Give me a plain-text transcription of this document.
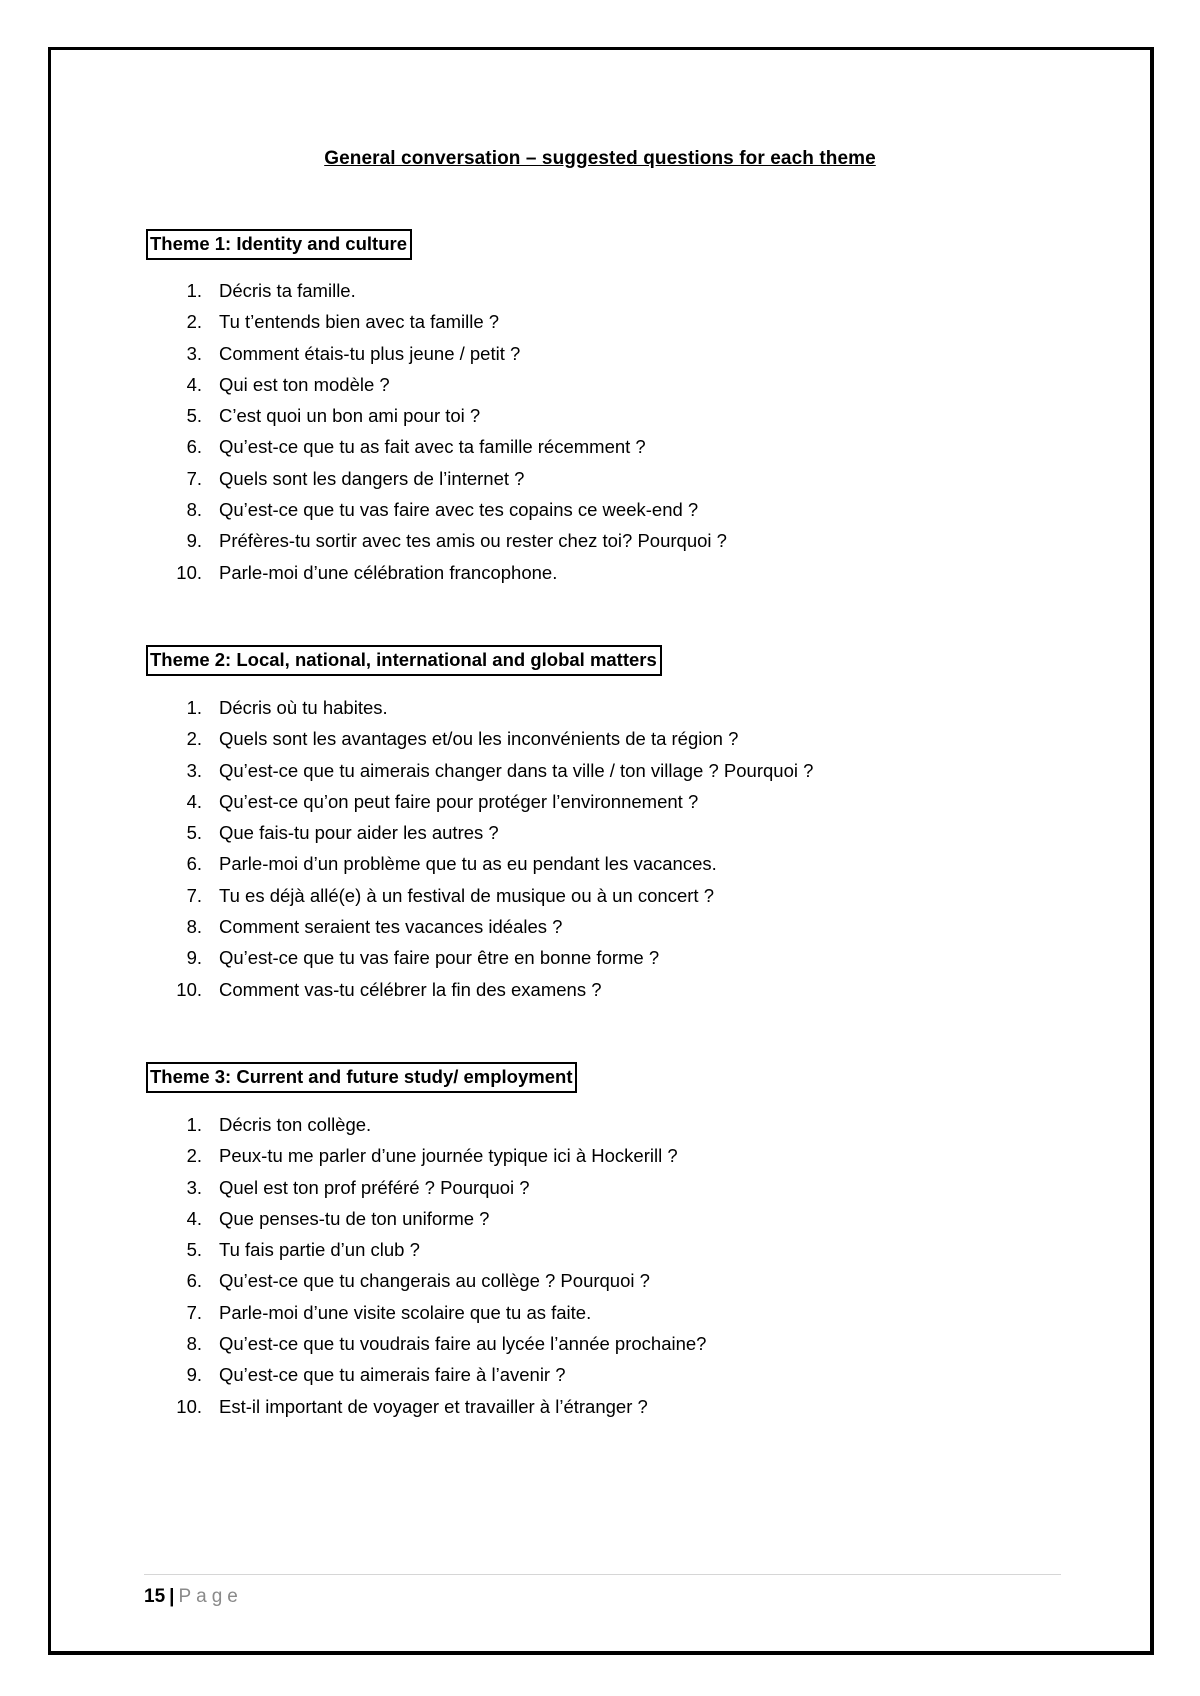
General conversation – suggested questions for each theme
Theme 1: Identity and culture
1. Décris ta famille.
2. Tu t’entends bien avec ta famille ?
3. Comment étais-tu plus jeune / petit ?
4. Qui est ton modèle ?
5. C’est quoi un bon ami pour toi ?
6. Qu’est-ce que tu as fait avec ta famille récemment ?
7. Quels sont les dangers de l’internet ?
8. Qu’est-ce que tu vas faire avec tes copains ce week-end ?
9. Préfères-tu sortir avec tes amis ou rester chez toi? Pourquoi ?
10. Parle-moi d’une célébration francophone.
Theme 2: Local, national, international and global matters
1. Décris où tu habites.
2. Quels sont les avantages et/ou les inconvénients de ta région ?
3. Qu’est-ce que tu aimerais changer dans ta ville / ton village ? Pourquoi ?
4. Qu’est-ce qu’on peut faire pour protéger l’environnement ?
5. Que fais-tu pour aider les autres ?
6. Parle-moi d’un problème que tu as eu pendant les vacances.
7. Tu es déjà allé(e) à un festival de musique ou à un concert ?
8. Comment seraient tes vacances idéales ?
9. Qu’est-ce que tu vas faire pour être en bonne forme ?
10. Comment vas-tu célébrer la fin des examens ?
Theme 3: Current and future study/ employment
1. Décris ton collège.
2. Peux-tu me parler d’une journée typique ici à Hockerill ?
3. Quel est ton prof préféré ? Pourquoi ?
4. Que penses-tu de ton uniforme ?
5. Tu fais partie d’un club ?
6. Qu’est-ce que tu changerais au collège ? Pourquoi ?
7. Parle-moi d’une visite scolaire que tu as faite.
8. Qu’est-ce que tu voudrais faire au lycée l’année prochaine?
9. Qu’est-ce que tu aimerais faire à l’avenir ?
10. Est-il important de voyager et travailler à l’étranger ?
15 | Page
